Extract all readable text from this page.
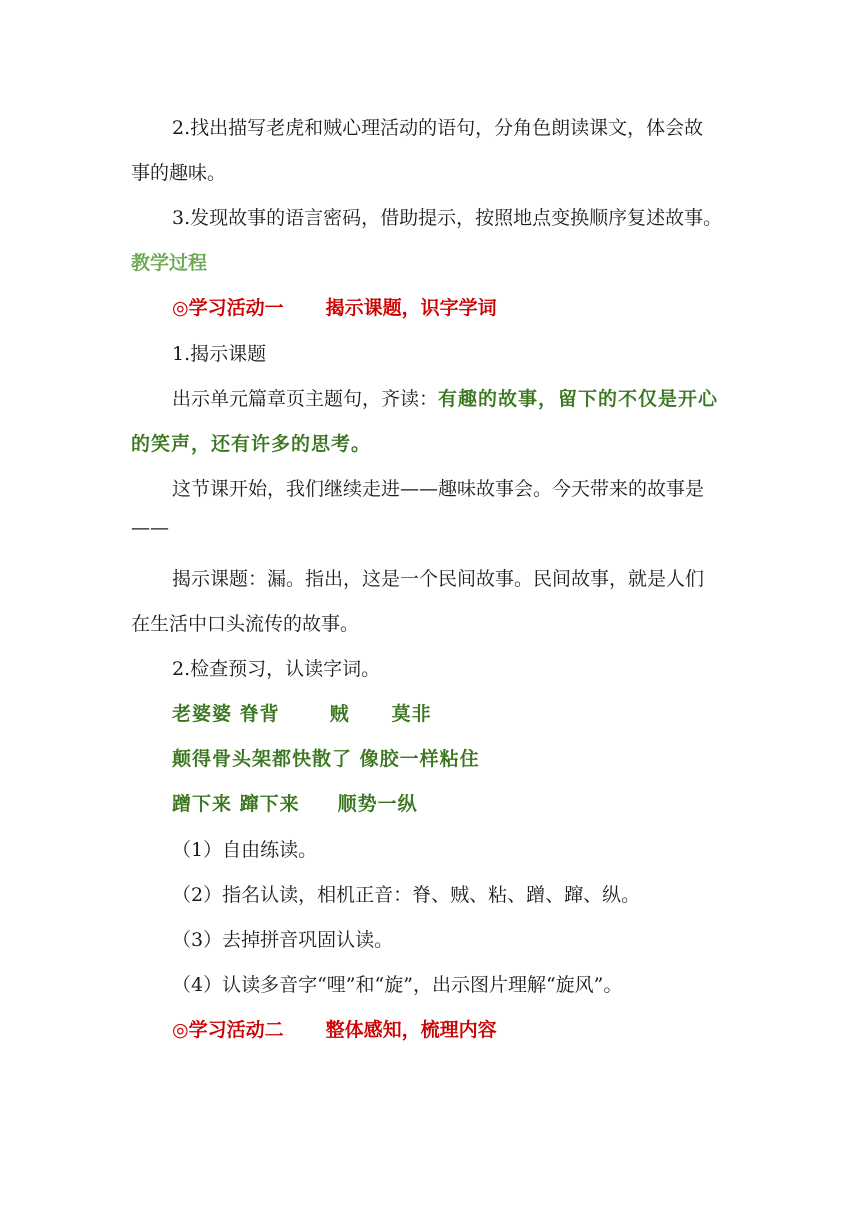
2.找出描写老虎和贼心理活动的语句，分角色朗读课文，体会故
事的趣味。
3.发现故事的语言密码，借助提示，按照地点变换顺序复述故事。
教学过程
◎学习活动一 揭示课题，识字学词
1.揭示课题
出示单元篇章页主题句，齐读：有趣的故事，留下的不仅是开心
的笑声，还有许多的思考。
这节课开始，我们继续走进——趣味故事会。今天带来的故事是
——
揭示课题：漏。指出，这是一个民间故事。民间故事，就是人们
在生活中口头流传的故事。
2.检查预习，认读字词。
老婆婆 脊背	贼 莫非
颠得骨头架都快散了 像胶一样粘住
蹭下来 蹿下来 顺势一纵
（1）自由练读。
（2）指名认读，相机正音：脊、贼、粘、蹭、蹿、纵。
（3）去掉拼音巩固认读。
（4）认读多音字“哩”和“旋”，出示图片理解“旋风”。
◎学习活动二 整体感知，梳理内容
